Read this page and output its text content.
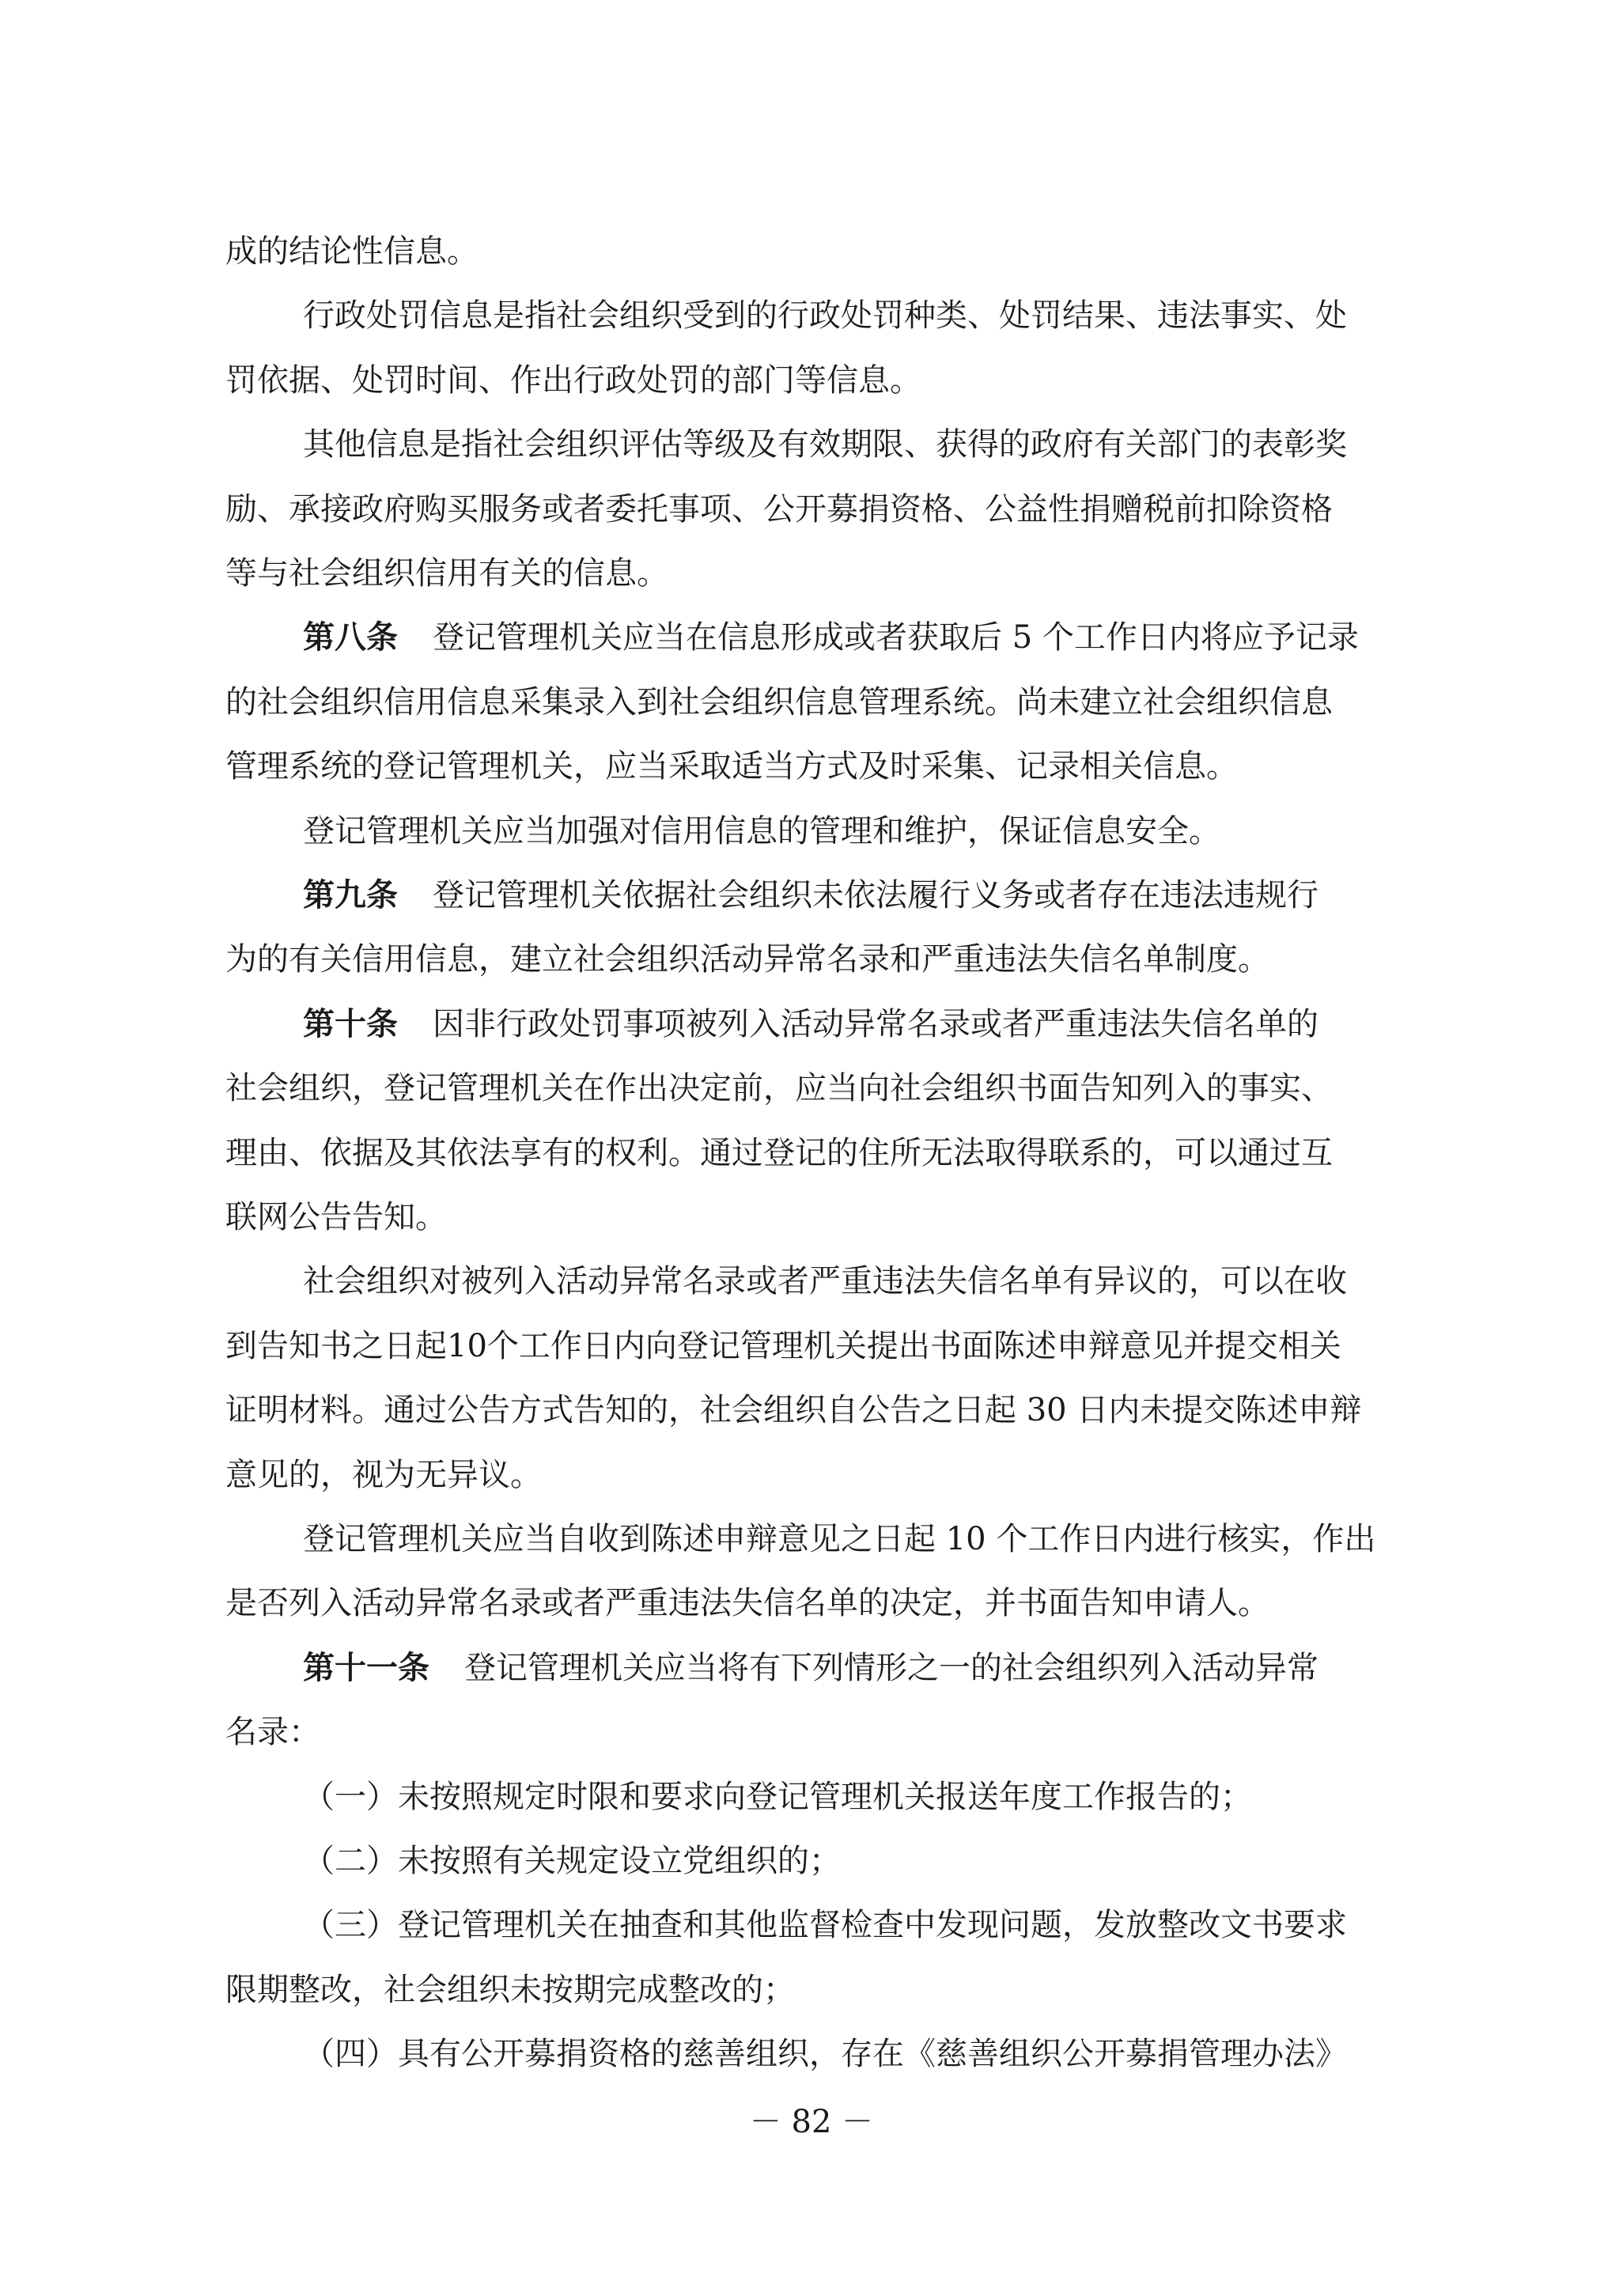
成的结论性信息。
行政处罚信息是指社会组织受到的行政处罚种类、处罚结果、违法事实、处
罚依据、处罚时间、作出行政处罚的部门等信息。
其他信息是指社会组织评估等级及有效期限、获得的政府有关部门的表彰奖
励、承接政府购买服务或者委托事项、公开募捐资格、公益性捐赠税前扣除资格
等与社会组织信用有关的信息。
第八条 登记管理机关应当在信息形成或者获取后 5 个工作日内将应予记录
的社会组织信用信息采集录入到社会组织信息管理系统。尚未建立社会组织信息
管理系统的登记管理机关，应当采取适当方式及时采集、记录相关信息。
登记管理机关应当加强对信用信息的管理和维护，保证信息安全。
第九条 登记管理机关依据社会组织未依法履行义务或者存在违法违规行
为的有关信用信息，建立社会组织活动异常名录和严重违法失信名单制度。
第十条 因非行政处罚事项被列入活动异常名录或者严重违法失信名单的
社会组织，登记管理机关在作出决定前，应当向社会组织书面告知列入的事实、
理由、依据及其依法享有的权利。通过登记的住所无法取得联系的，可以通过互
联网公告告知。
社会组织对被列入活动异常名录或者严重违法失信名单有异议的，可以在收
到告知书之日起10个工作日内向登记管理机关提出书面陈述申辩意见并提交相关
证明材料。通过公告方式告知的，社会组织自公告之日起 30 日内未提交陈述申辩
意见的，视为无异议。
登记管理机关应当自收到陈述申辩意见之日起 10 个工作日内进行核实，作出
是否列入活动异常名录或者严重违法失信名单的决定，并书面告知申请人。
第十一条 登记管理机关应当将有下列情形之一的社会组织列入活动异常
名录：
（一）未按照规定时限和要求向登记管理机关报送年度工作报告的；
（二）未按照有关规定设立党组织的；
（三）登记管理机关在抽查和其他监督检查中发现问题，发放整改文书要求
限期整改，社会组织未按期完成整改的；
（四）具有公开募捐资格的慈善组织，存在《慈善组织公开募捐管理办法》
－ 82 －
